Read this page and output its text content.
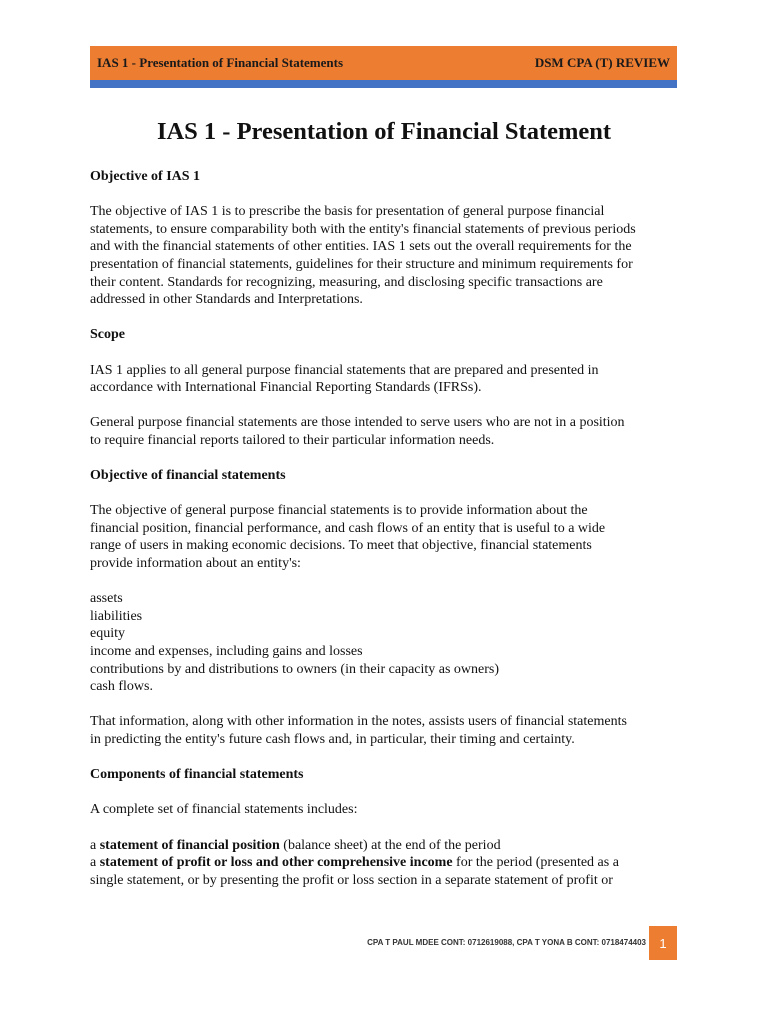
IAS 1 - Presentation of Financial Statements	DSM CPA (T) REVIEW
IAS 1 - Presentation of Financial Statement

Objective of IAS 1

The objective of IAS 1 is to prescribe the basis for presentation of general purpose financial

statements, to ensure comparability both with the entity's financial statements of previous periods

and with the financial statements of other entities. IAS 1 sets out the overall requirements for the

presentation of financial statements, guidelines for their structure and minimum requirements for

their content. Standards for recognizing, measuring, and disclosing specific transactions are

addressed in other Standards and Interpretations.

Scope

IAS 1 applies to all general purpose financial statements that are prepared and presented in

accordance with International Financial Reporting Standards (IFRSs).

General purpose financial statements are those intended to serve users who are not in a position

to require financial reports tailored to their particular information needs.

Objective of financial statements

The objective of general purpose financial statements is to provide information about the

financial position, financial performance, and cash flows of an entity that is useful to a wide

range of users in making economic decisions. To meet that objective, financial statements

provide information about an entity's:

assets

liabilities

equity

income and expenses, including gains and losses

contributions by and distributions to owners (in their capacity as owners)

cash flows.

That information, along with other information in the notes, assists users of financial statements

in predicting the entity's future cash flows and, in particular, their timing and certainty.

Components of financial statements

A complete set of financial statements includes:

a statement of financial position (balance sheet) at the end of the period

a statement of profit or loss and other comprehensive income for the period (presented as a

single statement, or by presenting the profit or loss section in a separate statement of profit or

CPA T PAUL MDEE CONT: 0712619088, CPA T YONA B CONT: 0718474403	1
